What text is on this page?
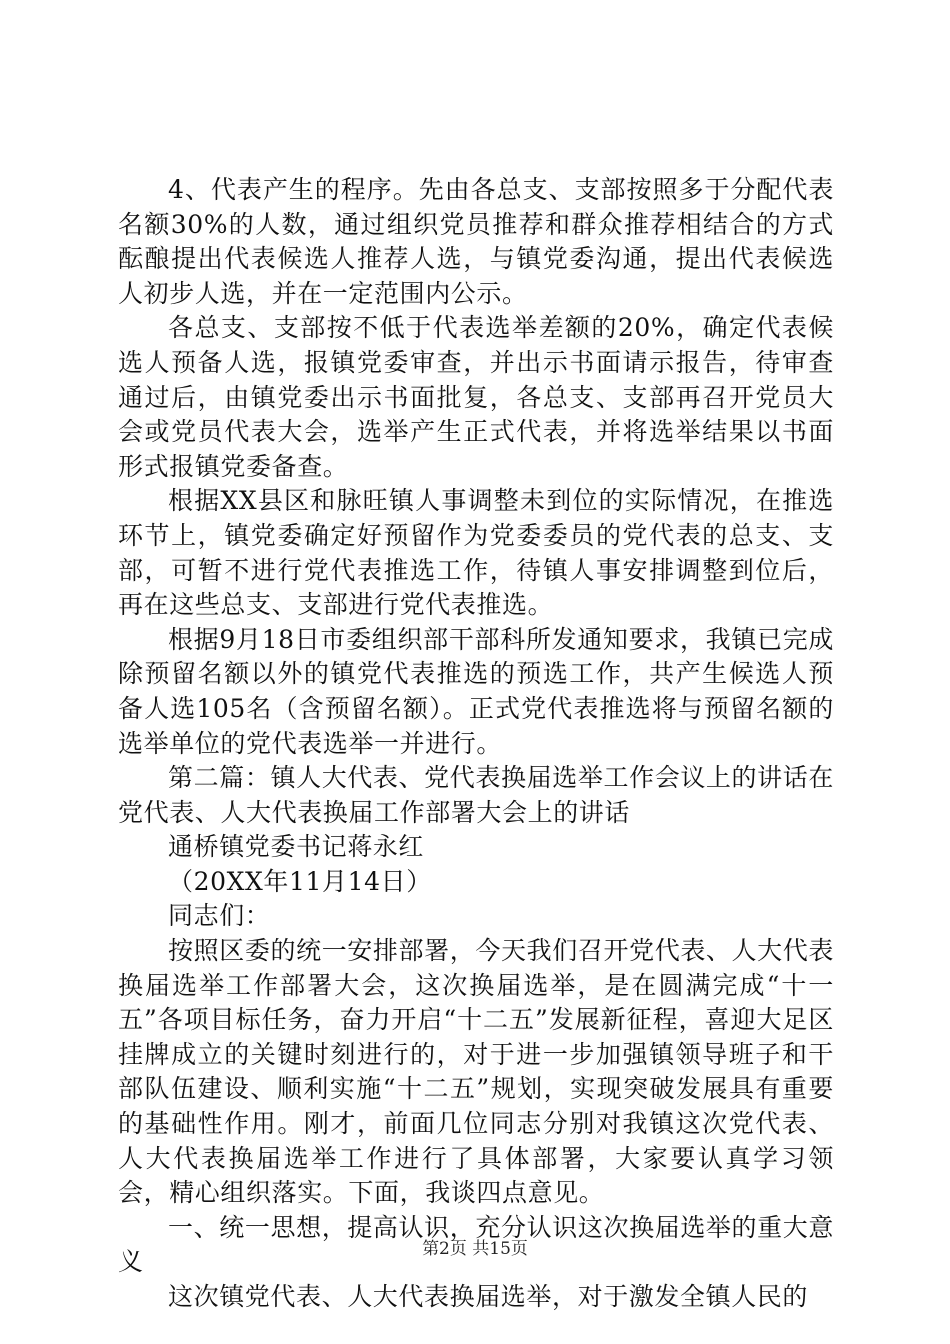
4、代表产生的程序。先由各总支、支部按照多于分配代表名额30%的人数，通过组织党员推荐和群众推荐相结合的方式酝酿提出代表候选人推荐人选，与镇党委沟通，提出代表候选人初步人选，并在一定范围内公示。

各总支、支部按不低于代表选举差额的20%，确定代表候选人预备人选，报镇党委审查，并出示书面请示报告，待审查通过后，由镇党委出示书面批复，各总支、支部再召开党员大会或党员代表大会，选举产生正式代表，并将选举结果以书面形式报镇党委备查。

根据XX县区和脉旺镇人事调整未到位的实际情况，在推选环节上，镇党委确定好预留作为党委委员的党代表的总支、支部，可暂不进行党代表推选工作，待镇人事安排调整到位后，再在这些总支、支部进行党代表推选。

根据9月18日市委组织部干部科所发通知要求，我镇已完成除预留名额以外的镇党代表推选的预选工作，共产生候选人预备人选105名（含预留名额）。正式党代表推选将与预留名额的选举单位的党代表选举一并进行。

第二篇：镇人大代表、党代表换届选举工作会议上的讲话在党代表、人大代表换届工作部署大会上的讲话

通桥镇党委书记蒋永红

（20XX年11月14日）

同志们：

按照区委的统一安排部署，今天我们召开党代表、人大代表换届选举工作部署大会，这次换届选举，是在圆满完成“十一五”各项目标任务，奋力开启“十二五”发展新征程，喜迎大足区挂牌成立的关键时刻进行的，对于进一步加强镇领导班子和干部队伍建设、顺利实施“十二五”规划，实现突破发展具有重要的基础性作用。刚才，前面几位同志分别对我镇这次党代表、人大代表换届选举工作进行了具体部署，大家要认真学习领会，精心组织落实。下面，我谈四点意见。

一、统一思想，提高认识，充分认识这次换届选举的重大意义

这次镇党代表、人大代表换届选举，对于激发全镇人民的

第2页 共15页
